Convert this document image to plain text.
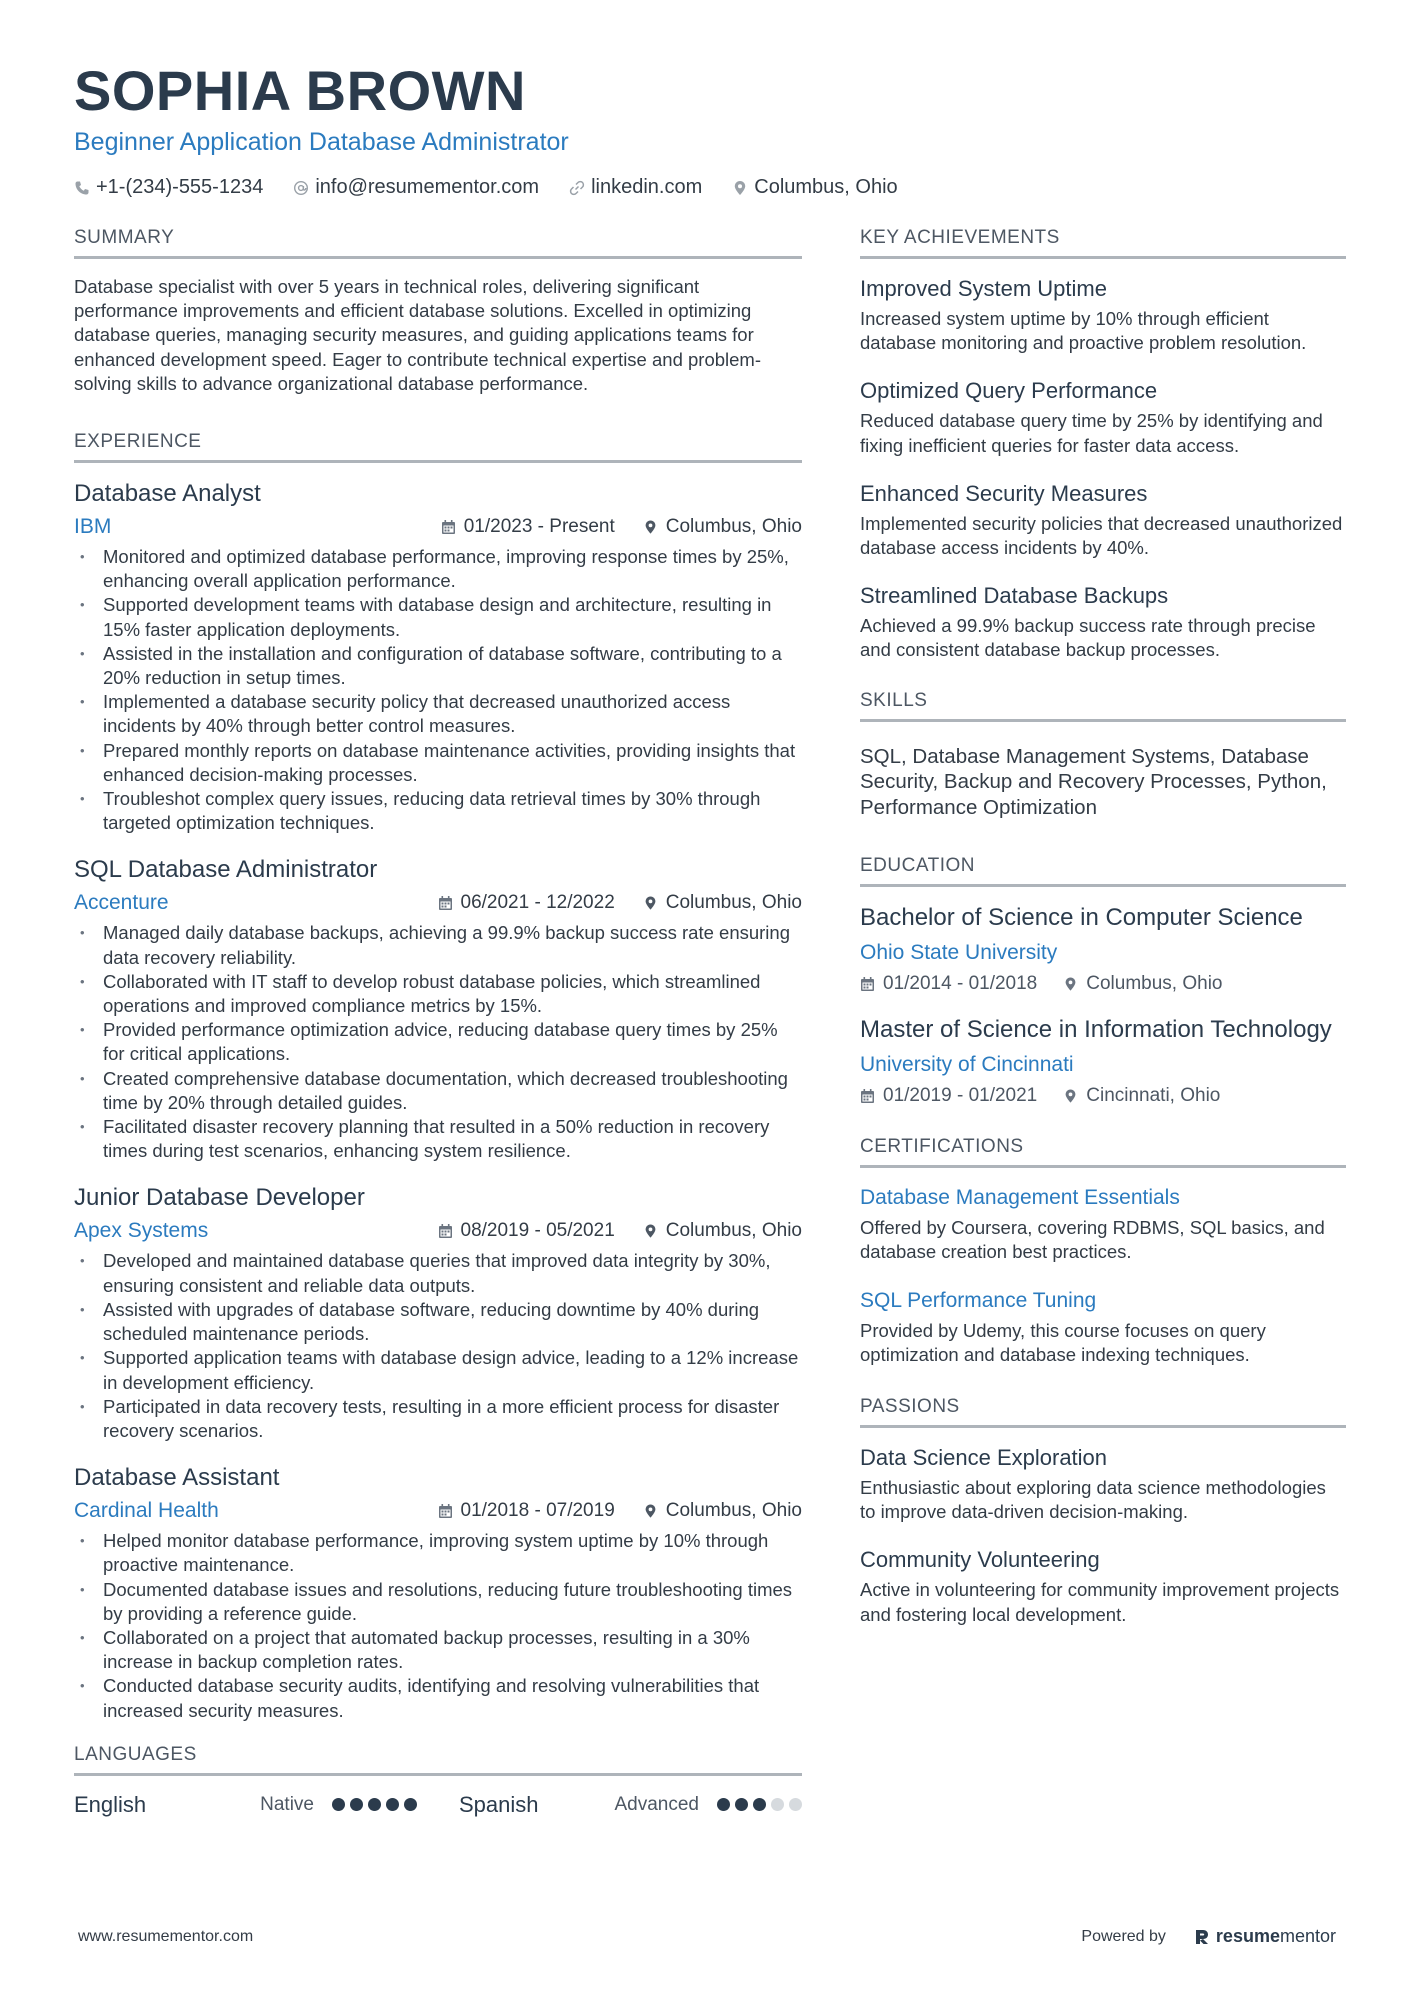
SOPHIA BROWN
Beginner Application Database Administrator
+1-(234)-555-1234	info@resumementor.com	linkedin.com	Columbus, Ohio
SUMMARY
Database specialist with over 5 years in technical roles, delivering significant performance improvements and efficient database solutions. Excelled in optimizing database queries, managing security measures, and guiding applications teams for enhanced development speed. Eager to contribute technical expertise and problem-solving skills to advance organizational database performance.
EXPERIENCE
Database Analyst
IBM	01/2023 - Present	Columbus, Ohio
• Monitored and optimized database performance, improving response times by 25%, enhancing overall application performance.
• Supported development teams with database design and architecture, resulting in 15% faster application deployments.
• Assisted in the installation and configuration of database software, contributing to a 20% reduction in setup times.
• Implemented a database security policy that decreased unauthorized access incidents by 40% through better control measures.
• Prepared monthly reports on database maintenance activities, providing insights that enhanced decision-making processes.
• Troubleshot complex query issues, reducing data retrieval times by 30% through targeted optimization techniques.
SQL Database Administrator
Accenture	06/2021 - 12/2022	Columbus, Ohio
• Managed daily database backups, achieving a 99.9% backup success rate ensuring data recovery reliability.
• Collaborated with IT staff to develop robust database policies, which streamlined operations and improved compliance metrics by 15%.
• Provided performance optimization advice, reducing database query times by 25% for critical applications.
• Created comprehensive database documentation, which decreased troubleshooting time by 20% through detailed guides.
• Facilitated disaster recovery planning that resulted in a 50% reduction in recovery times during test scenarios, enhancing system resilience.
Junior Database Developer
Apex Systems	08/2019 - 05/2021	Columbus, Ohio
• Developed and maintained database queries that improved data integrity by 30%, ensuring consistent and reliable data outputs.
• Assisted with upgrades of database software, reducing downtime by 40% during scheduled maintenance periods.
• Supported application teams with database design advice, leading to a 12% increase in development efficiency.
• Participated in data recovery tests, resulting in a more efficient process for disaster recovery scenarios.
Database Assistant
Cardinal Health	01/2018 - 07/2019	Columbus, Ohio
• Helped monitor database performance, improving system uptime by 10% through proactive maintenance.
• Documented database issues and resolutions, reducing future troubleshooting times by providing a reference guide.
• Collaborated on a project that automated backup processes, resulting in a 30% increase in backup completion rates.
• Conducted database security audits, identifying and resolving vulnerabilities that increased security measures.
LANGUAGES
English	Native	Spanish	Advanced
KEY ACHIEVEMENTS
Improved System Uptime
Increased system uptime by 10% through efficient database monitoring and proactive problem resolution.
Optimized Query Performance
Reduced database query time by 25% by identifying and fixing inefficient queries for faster data access.
Enhanced Security Measures
Implemented security policies that decreased unauthorized database access incidents by 40%.
Streamlined Database Backups
Achieved a 99.9% backup success rate through precise and consistent database backup processes.
SKILLS
SQL, Database Management Systems, Database Security, Backup and Recovery Processes, Python, Performance Optimization
EDUCATION
Bachelor of Science in Computer Science
Ohio State University
01/2014 - 01/2018	Columbus, Ohio
Master of Science in Information Technology
University of Cincinnati
01/2019 - 01/2021	Cincinnati, Ohio
CERTIFICATIONS
Database Management Essentials
Offered by Coursera, covering RDBMS, SQL basics, and database creation best practices.
SQL Performance Tuning
Provided by Udemy, this course focuses on query optimization and database indexing techniques.
PASSIONS
Data Science Exploration
Enthusiastic about exploring data science methodologies to improve data-driven decision-making.
Community Volunteering
Active in volunteering for community improvement projects and fostering local development.
www.resumementor.com	Powered by	resumementor
